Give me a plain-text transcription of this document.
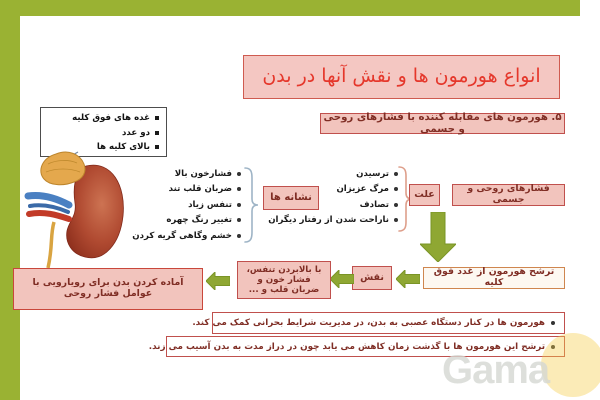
انواع هورمون ها و نقش آنها در بدن
۵. هورمون های مقابله کننده با فشارهای روحی و جسمی
غده های فوق کلیه
دو عدد
بالای کلیه ها
فشارخون بالا
ضربان قلب تند
تنفس زیاد
تغییر رنگ چهره
خشم وگاهی گریه کردن
نشانه ها
ترسیدن
مرگ عزیزان
تصادف
ناراحت شدن از رفتار دیگران
علت	فشارهای روحی و جسمی
ترشح هورمون از غدد فوق کلیه
نقش
با بالابردن تنفس، فشار خون و ضربان قلب و ...
آماده کردن بدن برای رویارویی با عوامل فشار روحی
هورمون ها در کنار دستگاه عصبی به بدن، در مدیریت شرایط بحرانی کمک می کند.
ترشح این هورمون ها با گذشت زمان کاهش می یابد چون در دراز مدت به بدن آسیب می زند.
Gama
